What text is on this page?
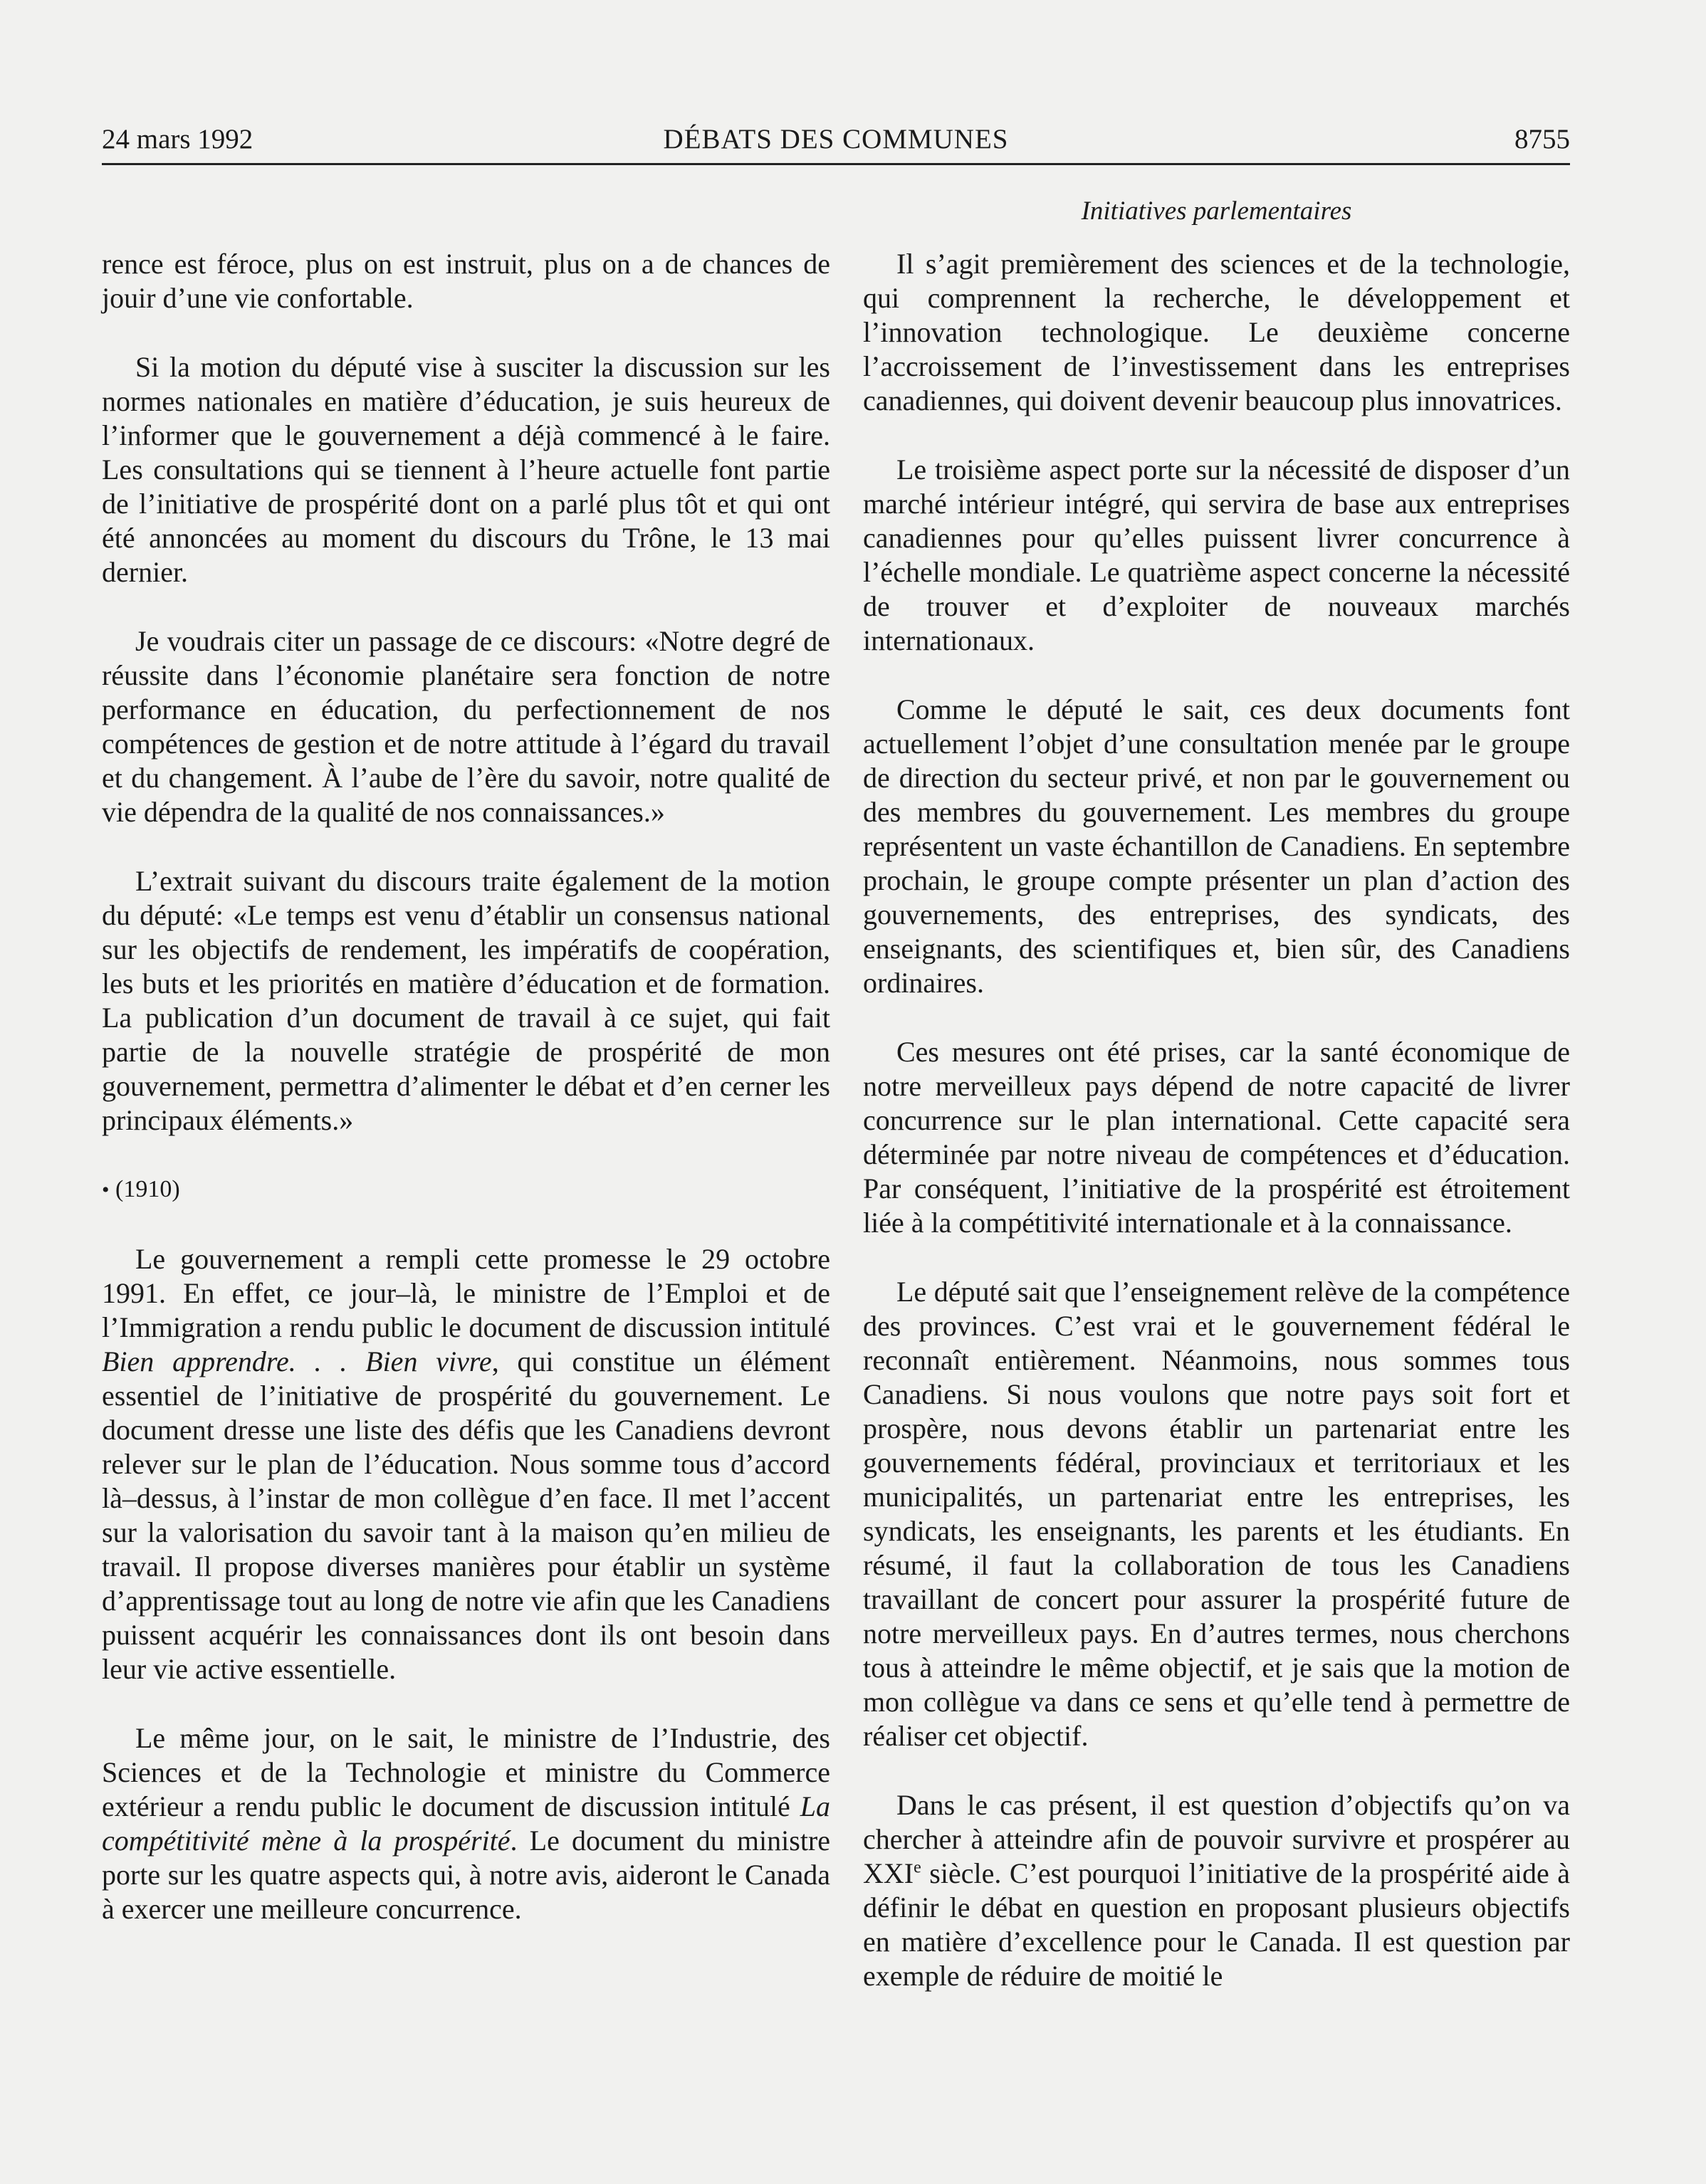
24 mars 1992	DÉBATS DES COMMUNES	8755
Initiatives parlementaires

rence est féroce, plus on est instruit, plus on a de chances de jouir d’une vie confortable.

Si la motion du député vise à susciter la discussion sur les normes nationales en matière d’éducation, je suis heureux de l’informer que le gouvernement a déjà commencé à le faire. Les consultations qui se tiennent à l’heure actuelle font partie de l’initiative de prospérité dont on a parlé plus tôt et qui ont été annoncées au moment du discours du Trône, le 13 mai dernier.

Je voudrais citer un passage de ce discours: «Notre degré de réussite dans l’économie planétaire sera fonction de notre performance en éducation, du perfectionnement de nos compétences de gestion et de notre attitude à l’égard du travail et du changement. À l’aube de l’ère du savoir, notre qualité de vie dépendra de la qualité de nos connaissances.»

L’extrait suivant du discours traite également de la motion du député: «Le temps est venu d’établir un consensus national sur les objectifs de rendement, les impératifs de coopération, les buts et les priorités en matière d’éducation et de formation. La publication d’un document de travail à ce sujet, qui fait partie de la nouvelle stratégie de prospérité de mon gouvernement, permettra d’alimenter le débat et d’en cerner les principaux éléments.»

• (1910)

Le gouvernement a rempli cette promesse le 29 octobre 1991. En effet, ce jour–là, le ministre de l’Emploi et de l’Immigration a rendu public le document de discussion intitulé Bien apprendre. . . Bien vivre, qui constitue un élément essentiel de l’initiative de prospérité du gouvernement. Le document dresse une liste des défis que les Canadiens devront relever sur le plan de l’éducation. Nous somme tous d’accord là–dessus, à l’instar de mon collègue d’en face. Il met l’accent sur la valorisation du savoir tant à la maison qu’en milieu de travail. Il propose diverses manières pour établir un système d’apprentissage tout au long de notre vie afin que les Canadiens puissent acquérir les connaissances dont ils ont besoin dans leur vie active essentielle.

Le même jour, on le sait, le ministre de l’Industrie, des Sciences et de la Technologie et ministre du Commerce extérieur a rendu public le document de discussion intitulé La compétitivité mène à la prospérité. Le document du ministre porte sur les quatre aspects qui, à notre avis, aideront le Canada à exercer une meilleure concurrence.

Il s’agit premièrement des sciences et de la technologie, qui comprennent la recherche, le développement et l’innovation technologique. Le deuxième concerne l’accroissement de l’investissement dans les entreprises canadiennes, qui doivent devenir beaucoup plus innovatrices.

Le troisième aspect porte sur la nécessité de disposer d’un marché intérieur intégré, qui servira de base aux entreprises canadiennes pour qu’elles puissent livrer concurrence à l’échelle mondiale. Le quatrième aspect concerne la nécessité de trouver et d’exploiter de nouveaux marchés internationaux.

Comme le député le sait, ces deux documents font actuellement l’objet d’une consultation menée par le groupe de direction du secteur privé, et non par le gouvernement ou des membres du gouvernement. Les membres du groupe représentent un vaste échantillon de Canadiens. En septembre prochain, le groupe compte présenter un plan d’action des gouvernements, des entreprises, des syndicats, des enseignants, des scientifiques et, bien sûr, des Canadiens ordinaires.

Ces mesures ont été prises, car la santé économique de notre merveilleux pays dépend de notre capacité de livrer concurrence sur le plan international. Cette capacité sera déterminée par notre niveau de compétences et d’éducation. Par conséquent, l’initiative de la prospérité est étroitement liée à la compétitivité internationale et à la connaissance.

Le député sait que l’enseignement relève de la compétence des provinces. C’est vrai et le gouvernement fédéral le reconnaît entièrement. Néanmoins, nous sommes tous Canadiens. Si nous voulons que notre pays soit fort et prospère, nous devons établir un partenariat entre les gouvernements fédéral, provinciaux et territoriaux et les municipalités, un partenariat entre les entreprises, les syndicats, les enseignants, les parents et les étudiants. En résumé, il faut la collaboration de tous les Canadiens travaillant de concert pour assurer la prospérité future de notre merveilleux pays. En d’autres termes, nous cherchons tous à atteindre le même objectif, et je sais que la motion de mon collègue va dans ce sens et qu’elle tend à permettre de réaliser cet objectif.

Dans le cas présent, il est question d’objectifs qu’on va chercher à atteindre afin de pouvoir survivre et prospérer au XXIe siècle. C’est pourquoi l’initiative de la prospérité aide à définir le débat en question en proposant plusieurs objectifs en matière d’excellence pour le Canada. Il est question par exemple de réduire de moitié le
